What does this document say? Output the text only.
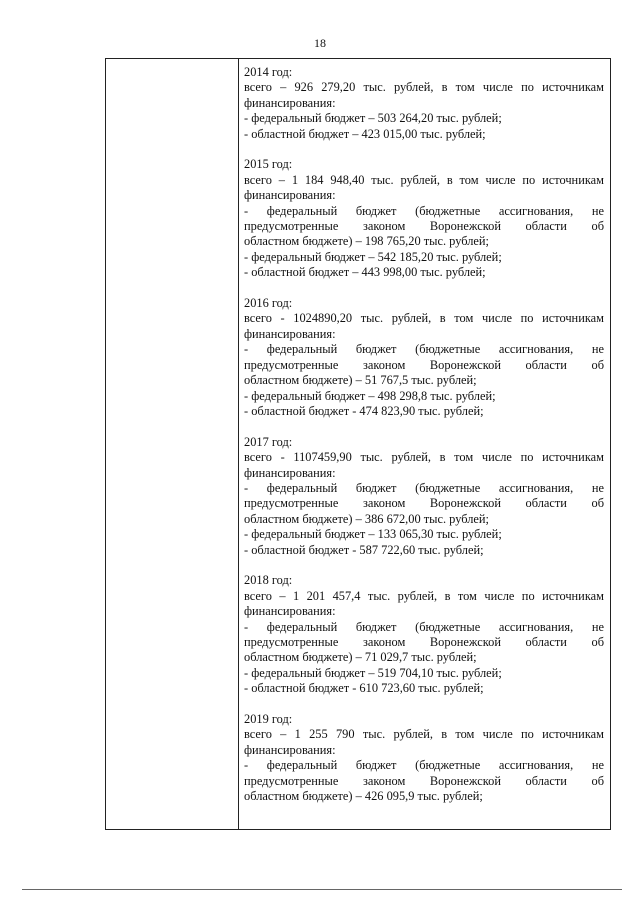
18
2014 год:
всего – 926 279,20 тыс. рублей, в том числе по источникам
финансирования:
- федеральный бюджет – 503 264,20 тыс. рублей;
- областной бюджет – 423 015,00 тыс. рублей;
2015 год:
всего – 1 184 948,40 тыс. рублей, в том числе по источникам
финансирования:
- федеральный бюджет (бюджетные ассигнования, не
предусмотренные законом Воронежской области об
областном бюджете) – 198 765,20 тыс. рублей;
- федеральный бюджет – 542 185,20 тыс. рублей;
- областной бюджет – 443 998,00 тыс. рублей;
2016 год:
всего - 1024890,20 тыс. рублей, в том числе по источникам
финансирования:
- федеральный бюджет (бюджетные ассигнования, не
предусмотренные законом Воронежской области об
областном бюджете) – 51 767,5 тыс. рублей;
- федеральный бюджет – 498 298,8 тыс. рублей;
- областной бюджет - 474 823,90 тыс. рублей;
2017 год:
всего - 1107459,90 тыс. рублей, в том числе по источникам
финансирования:
- федеральный бюджет (бюджетные ассигнования, не
предусмотренные законом Воронежской области об
областном бюджете) – 386 672,00 тыс. рублей;
- федеральный бюджет – 133 065,30 тыс. рублей;
- областной бюджет - 587 722,60 тыс. рублей;
2018 год:
всего – 1 201 457,4 тыс. рублей, в том числе по источникам
финансирования:
- федеральный бюджет (бюджетные ассигнования, не
предусмотренные законом Воронежской области об
областном бюджете) – 71 029,7 тыс. рублей;
- федеральный бюджет – 519 704,10 тыс. рублей;
- областной бюджет - 610 723,60 тыс. рублей;
2019 год:
всего – 1 255 790 тыс. рублей, в том числе по источникам
финансирования:
- федеральный бюджет (бюджетные ассигнования, не
предусмотренные законом Воронежской области об
областном бюджете) – 426 095,9 тыс. рублей;
